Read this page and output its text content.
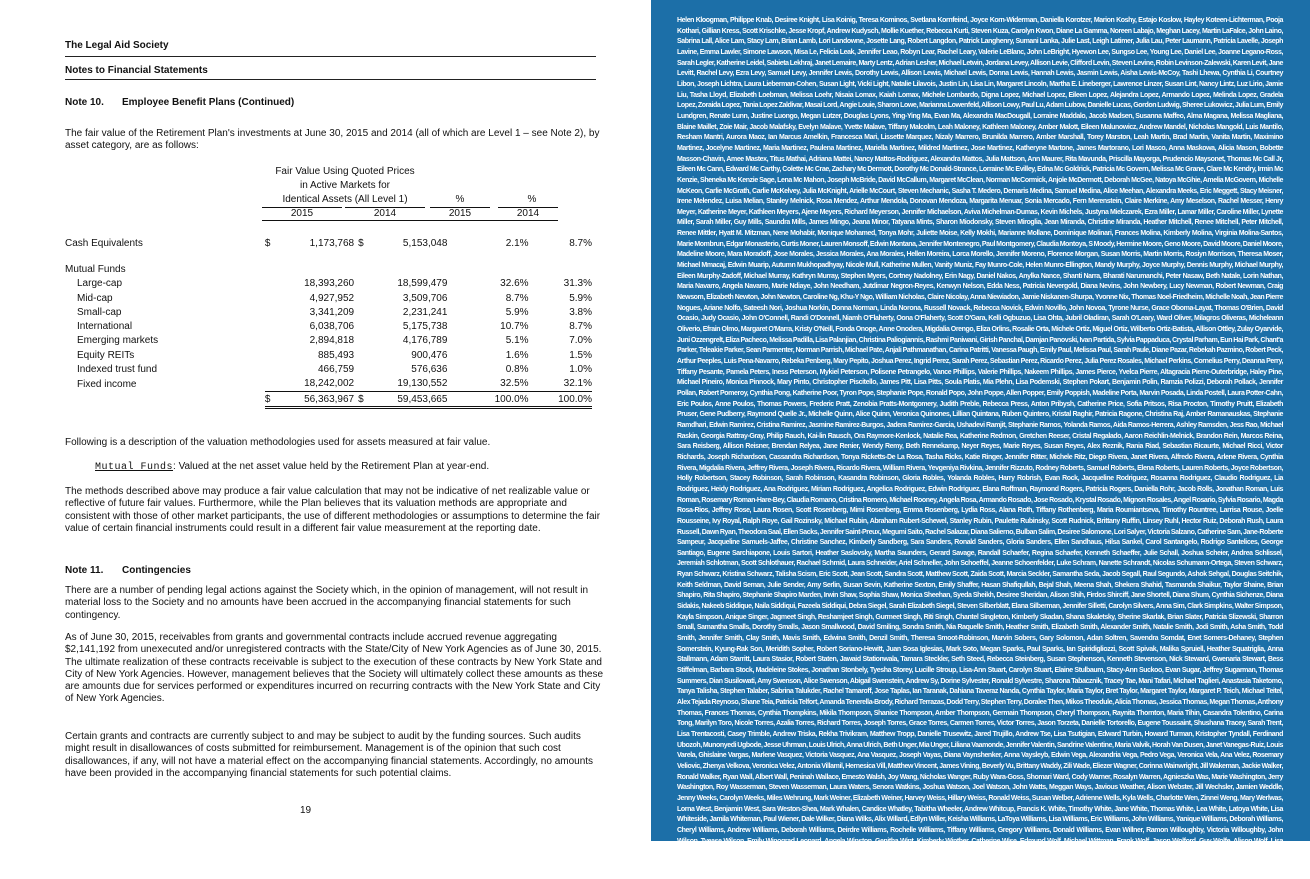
The Legal Aid Society
Notes to Financial Statements
Note 10. Employee Benefit Plans (Continued)
The fair value of the Retirement Plan's investments at June 30, 2015 and 2014 (all of which are Level 1 – see Note 2), by asset category, are as follows:
Fair Value Using Quoted Prices
in Active Markets for
Identical Assets (All Level 1)	%	%
2015	2014	2015	2014
Cash Equivalents	$	1,173,768	$	5,153,048	2.1%	8.7%

Mutual Funds						
Large-cap		18,393,260		18,599,479	32.6%	31.3%
Mid-cap		4,927,952		3,509,706	8.7%	5.9%
Small-cap		3,341,209		2,231,241	5.9%	3.8%
International		6,038,706		5,175,738	10.7%	8.7%
Emerging markets		2,894,818		4,176,789	5.1%	7.0%
Equity REITs		885,493		900,476	1.6%	1.5%
Indexed trust fund		466,759		576,636	0.8%	1.0%
Fixed income		18,242,002		19,130,552	32.5%	32.1%
	$	56,363,967	$	59,453,665	100.0%	100.0%
Following is a description of the valuation methodologies used for assets measured at fair value.
Mutual Funds: Valued at the net asset value held by the Retirement Plan at year-end.
The methods described above may produce a fair value calculation that may not be indicative of net realizable value or reflective of future fair values. Furthermore, while the Plan believes that its valuation methods are appropriate and consistent with those of other market participants, the use of different methodologies or assumptions to determine the fair value of certain financial instruments could result in a different fair value measurement at the reporting date.
Note 11. Contingencies
There are a number of pending legal actions against the Society which, in the opinion of management, will not result in material loss to the Society and no amounts have been accrued in the accompanying financial statements for such contingency.
As of June 30, 2015, receivables from grants and governmental contracts include accrued revenue aggregating $2,141,192 from unexecuted and/or unregistered contracts with the State/City of New York Agencies as of June 30, 2015. The ultimate realization of these contracts receivable is subject to the execution of these contracts by New York State and City of New York Agencies. However, management believes that the Society will ultimately collect these amounts as these are amounts due for services performed or expenditures incurred on recurring contracts with the New York State and City of New York Agencies.
Certain grants and contracts are currently subject to and may be subject to audit by the funding sources. Such audits might result in disallowances of costs submitted for reimbursement. Management is of the opinion that such cost disallowances, if any, will not have a material effect on the accompanying financial statements. Accordingly, no amounts have been provided in the accompanying financial statements for such potential claims.
19
Helen Kloogman, Philippe Knab, Desiree Knight, Lisa Koinig, Teresa Kominos, Svetlana Kornfeind, Joyce Korn-Widerman, Daniella Korotzer, Marion Koshy, Estajo Koslow, Hayley Koteen-Lichterman, Pooja Kothari, Gillian Kress, Scott Krischke, Jesse Kropf, Andrew Kudysch, Mollie Kuether, Rebecca Kurti, Steven Kuza, Carolyn Kwon, Diane La Gamma, Noreen Labajo, Meghan Lacey, Martin LaFalce, John Laino, Sabrina Lall, Alice Lam, Stacy Lam, Brian Lamb, Lori Landowne, Josette Lang, Robert Langdon, Patrick Langhenry, Sumani Lanka, Julie Last, Leigh Latimer, Julia Lau, Peter Laumann, Patricia Lavelle, Joseph Lavine, Emma Lawler, Simone Lawson, Misa Le, Felicia Leak, Jennifer Leao, Robyn Lear, Rachel Leary, Valerie LeBlanc, John LeBright, Hyewon Lee, Sungso Lee, Young Lee, Daniel Lee, Joanne Legano-Ross, Sarah Legler, Katherine Leidel, Sabieta Lekhraj, Janet Lemaire, Marty Lentz, Adrian Lesher, Michael Letwin, Jordana Levey, Allison Levie, Clifford Levin, Steven Levine, Robin Levinson-Zalewski, Karen Levit, Jane Levitt, Rachel Levy, Ezra Levy, Samuel Levy, Jennifer Lewis, Dorothy Lewis, Allison Lewis, Michael Lewis, Donna Lewis, Hannah Lewis, Jasmin Lewis, Aisha Lewis-McCoy, Tashi Lhewa, Cynthia Li, Courtney Libon, Joseph Lichtra, Laura Lieberman-Cohen, Susan Light, Vicki Light, Natalie Lilavois, Justin Lin, Lisa Lin, Margaret Lincoln, Martha E. Lineberger, Lawrence Linzer, Susan Lint, Nancy Lintz, Luz Lirio, Jamie Liu, Tasha Lloyd, Elizabeth Loebman, Melissa Loehr, Nisaia Lomax, Kaiah Lomax, Michele Lombardo, Digna Lopez, Michael Lopez, Eileen Lopez, Alejandra Lopez, Armando Lopez, Melinda Lopez, Gradela Lopez, Zoraida Lopez, Tania Lopez Zaldivar, Masai Lord, Angie Louie, Sharon Lowe, Marianna Lowenfeld, Allison Lowy, Paul Lu, Adam Lubow, Danielle Lucas, Gordon Ludwig, Sheree Lukowicz, Julia Lum, Emily Lundgren, Renate Lunn, Justine Luongo, Megan Lutzer, Douglas Lyons, Ying-Ying Ma, Evan Ma, Alexandra MacDougall, Lorraine Maddalo, Jacob Madsen, Susanna Maffeo, Alma Magana, Melissa Magliana, Blaine Maillet, Zoie Mair, Jacob Malafsky, Evelyn Malave, Yvette Malave, Tiffany Malcolm, Leah Maloney, Kathleen Maloney, Amber Malott, Eileen Malunowicz, Andrew Mandel, Nicholas Mangold, Luis Mantilo, Resham Mantri, Aurora Maoz, Ian Marcus Amelkin, Francesca Mari, Lissette Marquez, Nizaly Marrero, Brunilda Marrero, Amber Marshall, Torey Marston, Leah Martin, Brad Martin, Vanita Martin, Maximino Martinez, Jocelyne Martinez, Maria Martinez, Paulena Martinez, Mariella Martinez, Mildred Martinez, Jose Martinez, Katheryne Martone, James Martorano, Lori Masco, Anna Maskowa, Alicia Mason, Bobette Masson-Chavin, Amee Mastex, Titus Mathai, Adriana Mattei, Nancy Mattos-Rodriguez, Alexandra Mattos, Julia Mattson, Ann Maurer, Rita Mavunda, Priscilla Mayorga, Prudencio Maysonet, Thomas Mc Call Jr, Eileen Mc Cann, Edward Mc Carthy, Colette Mc Crae, Zachary Mc Dermott, Dorothy Mc Donald-Strance, Lorraine Mc Evilley, Edna Mc Goldrick, Patricia Mc Govern, Melissa Mc Grane, Clare Mc Kendry, Irmin Mc Kenzie, Sheneka Mc Kenzie Sage, Lena Mc Mahon, Joseph McBride, David McCallum, Margaret McClean, Norman McCormick, Anjole McDermott, Deborah McGee, Natoya McGhie, Amelia McGovern, Michelle McKeon, Carlie McGrath, Carlie McKelvey, Julia McKnight, Arielle McCourt, Steven Mechanic, Sasha T. Medero, Demaris Medina, Samuel Medina, Alice Meehan, Alexandra Meeks, Eric Meggett, Stacy Meisner, Irene Melendez, Luisa Melian, Stanley Melnick, Rosa Mendez, Arthur Mendola, Donovan Mendoza, Margarita Menuar, Sonia Mercado, Fern Merenstein, Claire Merkine, Amy Meselson, Rachel Messer, Henry Meyer, Katherine Meyer, Kathleen Meyers, Ajene Meyers, Richard Meyerson, Jennifer Michaelson, Aviva Michelman-Dumas, Kevin Michels, Justyna Mielczarek, Ezra Miller, Lamar Miller, Caroline Miller, Lynette Miller, Sarah Miller, Guy Mills, Saundra Mills, James Mingo, Jeana Minor, Tatyana Mints, Sharon Miodonsky, Steven Miroglia, Jean Miranda, Christine Miranda, Heather Mitchell, Renee Mitchell, Peter Mitchell, Renee Mittler, Hyatt M. Mitzman, Nene Mohabir, Monique Mohamed, Tonya Mohr, Juliette Moise, Kelly Mokhi, Marianne Mollane, Dominique Molinari, Frances Molina, Kimberly Molina, Virginia Molina-Santos, Marie Mombrun, Edgar Monasterio, Curtis Moner, Lauren Monsoff, Edwin Montana, Jennifer Montenegro, Paul Montgomery, Claudia Montoya, S Moody, Hermine Moore, Geno Moore, David Moore, Daniel Moore, Madeline Moore, Mara Moradoff, Jose Morales, Jessica Morales, Ana Morales, Hellen Moreira, Lorca Morello, Jennifer Moreno, Florence Morgan, Susan Morris, Martin Morris, Rosiyn Morrison, Theresa Moser, Michael Mmacaj, Edwin Muarip, Autumn Mukhopadhyay, Nicole Mull, Katherine Mullen, Vanity Muniz, Fay Munro-Cole, Helen Munro-Ellington, Mandy Murphy, Joyce Murphy, Dennis Murphy, Michael Murphy, Eileen Murphy-Zadoff, Michael Murray, Kathryn Murray, Stephen Myers, Cortney Nadolney, Erin Nagy, Daniel Nakos, Anylka Nance, Shanti Narra, Bharati Narumanchi, Peter Nasaw, Beth Natale, Lorin Nathan, Maria Navarro, Angela Navarro, Marie Ndiaye, John Needham, Jutdimar Negron-Reyes, Kenwyn Nelson, Edda Ness, Patricia Nevergold, Diana Nevins, John Newbery, Lucy Newman, Robert Newman, Craig Newsom, Elizabeth Newton, John Newton, Caroline Ng, Khu-Y Ngo, William Nicholas, Claire Nicolay, Anna Niewiadon, Jamie Niskanen-Shurpa, Yvonne Nix, Thomas Noel-Friedheim, Michelle Noah, Jean Pierre Nogues, Ariane Nolfo, Sateesh Nori, Joshua Norkin, Donna Norman, Linda Norona, Russell Novack, Rebecca Novick, Edwin Novillo, John Novoa, Tyrone Nurse, Grace Oboma-Layat, Thomas O'Brien, David Ocasio, Judy Ocasio, John O'Connell, Randi O'Donnell, Niamh O'Flaherty, Oona O'Flaherty, Scott O'Gara, Kelli Ogbuzuo, Lisa Ohta, Jubril Oladiran, Sarah O'Leary, Ward Oliver, Milagros Oliveras, Micheleann Oliverio, Efrain Olmo, Margaret O'Marra, Kristy O'Neill, Fonda Onoge, Anne Onodera, Migdalia Orengo, Eliza Orlins, Rosalie Orta, Michele Ortiz, Miguel Ortiz, Wilberto Ortiz-Batista, Allison Ottley, Zulay Oyarvide, Juni Ozzengrelt, Eliza Pacheco, Melissa Padilla, Lisa Palanjian, Christina Paliogiannis, Rashmi Paniwani, Girish Panchal, Damjan Panovski, Ivan Partida, Sylvia Pappaduca, Crystal Parham, Eun Hai Park, Chant'a Parker, Teleakie Parker, Sean Parmenter, Norman Parrish, Michael Pate, Anjali Pathmanathan, Carina Patritti, Vanessa Paugh, Emily Paul, Melissa Paul, Sarah Paule, Diane Pazar, Rebekah Pazmino, Robert Peck, Arthur Peeples, Luis Pena-Navarro, Rebeka Penberg, Mary Pepito, Joshua Perez, Ingrid Perez, Sarah Perez, Sebastian Perez, Ricardo Perez, Julia Perez Rosales, Michael Perkins, Cornelius Perry, Deanna Perry, Tiffany Pesante, Pamela Peters, Iness Peterson, Mykiel Peterson, Polisene Petrangelo, Vance Phillips, Valerie Phillips, Nakeem Phillips, James Pierce, Yvelca Pierre, Altagracia Pierre-Outerbridge, Haley Pine, Michael Pineiro, Monica Pinnock, Mary Pinto, Christopher Piscitello, James Pitt, Lisa Pitts, Soula Platis, Mia Plehn, Lisa Podemski, Stephen Pokart, Benjamin Polin, Ramzia Polizzi, Deborah Pollack, Jennifer Pollan, Robert Pomeroy, Cynthia Pong, Katherine Poor, Tyron Pope, Stephanie Pope, Ronald Popo, John Poppe, Allen Popper, Emily Poppish, Madeline Porta, Marvin Posada, Linda Postell, Laura Potter-Cahn, Eric Poulos, Anne Poulos, Thomas Powers, Frederic Pratt, Zenobia Pratts-Montgomery, Judith Preble, Rebecca Press, Anton Pribysh, Catherine Price, Sofia Pritsos, Risa Procton, Timothy Pruitt, Elizabeth Pruser, Gene Pudberry, Raymond Quelle Jr., Michelle Quinn, Alice Quinn, Veronica Quinones, Lillian Quintana, Ruben Quintero, Kristal Raghir, Patricia Ragone, Christina Raj, Amber Ramanauskas, Stephanie Ramdhari, Edwin Ramirez, Cristina Ramirez, Jasmine Ramirez-Burgos, Jadera Ramirez-Garcia, Ushadevi Ramjit, Stephanie Ramos, Yolanda Ramos, Aida Ramos-Herrera, Ashley Ramsden, Jess Rao, Michael Raskin, Georgia Rattray-Gray, Philip Rauch, Kai-lin Rausch, Ora Raymore-Kenlock, Natalie Rea, Katherine Redmon, Gretchen Reeser, Cristal Regalado, Aaron Reichlin-Melnick, Brandon Rein, Marcos Reina, Sara Reisberg, Allison Reisner, Brendan Relyea, Jane Renier, Wendy Remy, Beth Rennekamp, Neyer Reyes, Marie Reyes, Susan Reyes, Alex Reznik, Rania Riad, Sebastian Ricaurte, Michael Ricci, Victor Richards, Joseph Richardson, Cassandra Richardson, Tonya Ricketts-De La Rosa, Tasha Ricks, Katie Ringer, Jennifer Ritter, Michele Ritz, Diego Rivera, Janet Rivera, Alfredo Rivera, Arlene Rivera, Cynthia Rivera, Migdalia Rivera, Jeffrey Rivera, Joseph Rivera, Ricardo Rivera, William Rivera, Yevgeniya Rivkina, Jennifer Rizzuto, Rodney Roberts, Samuel Roberts, Elena Roberts, Lauren Roberts, Joyce Robertson, Holly Robertson, Stacey Robinson, Sarah Robinson, Kasandra Robinson, Gloria Robles, Yolanda Robles, Harry Robrish, Evan Rock, Jacqueline Rodriguez, Rosanna Rodriguez, Claudio Rodriguez, Lia Rodriguez, Heidy Rodriguez, Ana Rodriguez, Miriam Rodriguez, Angelica Rodriguez, Edwin Rodriguez, Elana Roffman, Raymond Rogers, Patricia Rogers, Daniella Rohr, Jacob Rolls, Jonathan Roman, Luis Roman, Rosemary Roman-Hare-Bey, Claudia Romano, Cristina Romero, Michael Rooney, Angela Rosa, Armando Rosado, Jose Rosado, Krystal Rosado, Mignon Rosales, Angel Rosario, Sylvia Rosario, Magda Rosa-Rios, Jeffrey Rose, Laura Rosen, Scott Rosenberg, Mimi Rosenberg, Emma Rosenberg, Lydia Ross, Alana Roth, Tiffany Rothenberg, Maria Roumiantseva, Timothy Rountree, Larrisa Rouse, Joelle Rousseine, Ivy Royal, Ralph Roye, Gail Rozinsky, Michael Rubin, Abraham Rubert-Schewel, Stanley Rubin, Paulette Rubinsky, Scott Rudnick, Brittany Ruffin, Linsey Ruhl, Hector Ruiz, Deborah Rush, Laura Russell, Dawn Ryan, Theodora Saal, Ellen Sacks, Jennifer Saint-Preux, Megumi Saito, Rachel Salazar, Diana Salierno, Bulban Salim, Desiree Salomone, Lori Salyer, Victoria Salzano, Catherine Sam, Jane-Roberte Sampeur, Jacqueline Samuels-Jaffee, Christine Sanchez, Kimberly Sandberg, Sara Sanders, Ronald Sanders, Gloria Sanders, Ellen Sandhaus, Hilsa Sankel, Carol Santangelo, Rodrigo Santelices, George Santiago, Eugene Sarchiapone, Louis Sartori, Heather Saslovsky, Martha Saunders, Gerard Savage, Randall Schaefer, Regina Schaefer, Kenneth Schaeffer, Julie Schall, Joshua Scheier, Andrea Schlissel, Jeremiah Schlotman, Scott Schlothauer, Rachael Schmid, Laura Schneider, Ariel Schneller, John Schoeffel, Jeanne Schoenfelder, Luke Schram, Nanette Schrandt, Nicolas Schumann-Ortega, Steven Schwarz, Ryan Schwarz, Kristina Schwarz, Talisha Scism, Eric Scott, Jean Scott, Sandra Scott, Matthew Scott, Zaida Scott, Marcia Seckler, Samantha Seda, Jacob Segall, Raul Segundo, Ashok Sehgal, Douglas Seitchik, Keith Seldman, David Seman, Julie Sender, Amy Serlin, Susan Sevin, Katherine Sexton, Emily Shaffer, Hasan Shafiqullah, Bejal Shah, Meena Shah, Shekera Shahid, Tasmanda Shaikur, Taylor Shaine, Brian Shapiro, Rita Shapiro, Stephanie Shapiro Marden, Irwin Shaw, Sophia Shaw, Monica Sheehan, Syeda Sheikh, Desiree Sheridan, Alison Shih, Firdos Shirciff, Jane Shortell, Diana Shum, Cynthia Sichenze, Diana Sidakis, Nakeeb Siddique, Naila Siddiqui, Fazeela Siddiqui, Debra Siegel, Sarah Elizabeth Siegel, Steven Silberblatt, Elana Silberman, Jennifer Silletti, Carolyn Silvers, Anna Sim, Clark Simpkins, Walter Simpson, Kayla Simpson, Anique Singer, Jagmeet Singh, Reshamjeet Singh, Gurmeet Singh, Riti Singh, Chantel Singleton, Kimberly Skadan, Shana Skaletsky, Sherine Skarlak, Brian Slater, Patricia Slizewski, Sharron Small, Samantha Smalls, Dorothy Smalls, Jason Smallwood, David Smiling, Sondra Smith, Nia Raquelle Smith, Heather Smith, Elizabeth Smith, Alexander Smith, Natalie Smith, Jodi Smith, Asha Smith, Todd Smith, Jennifer Smith, Clay Smith, Mavis Smith, Edwina Smith, Denzil Smith, Theresa Smoot-Robinson, Marvin Sobers, Gary Solomon, Adan Soltren, Savendra Somdat, Enet Somers-Dehaney, Stephen Somerstein, Kyung-Rak Son, Meridith Sopher, Robert Soriano-Hewitt, Juan Sosa Iglesias, Mark Soto, Megan Sparks, Paul Sparks, Ian Spiridigliozzi, Scott Spivak, Malika Spruiell, Heather Squatriglia, Anna Stallmann, Adam Starritt, Laura Stasior, Robert Staten, Jawaid Stationwala, Tamara Steckler, Seth Steed, Rebecca Steinberg, Susan Stephenson, Kenneth Stevenson, Nick Steward, Gwenaria Stewart, Bess Stiffelman, Barbara Stock, Madeleine Stokes, Jonathan Stonbely, Tyesha Storey, Lucille Stroup, Lisa-Ann Stuart, Carolyn Stuart, Elaine Stulbaum, Stacy-Ann Suckoo, Evan Sugar, Jeffrey Sugarman, Thomas Summers, Dian Susilowati, Amy Swenson, Alice Swenson, Abigail Swenstein, Andrew Sy, Dorine Sylvester, Ronald Sylvestre, Sharona Tabacznik, Tracey Tae, Mani Tafari, Michael Taglieri, Anastasia Taketomo, Tanya Talisha, Stephen Talaber, Sabrina Talukder, Rachel Tamaroff, Jose Taplas, Ian Taranak, Dahiana Taveraz Nanda, Cynthia Taylor, Maria Taylor, Bret Taylor, Margaret Taylor, Margaret P. Teich, Michael Teitel, Alex Tejada Reynoso, Shane Teia, Patricia Telfort, Amanda Tenerella-Brody, Richard Terrazas, Dodd Terry, Stephen Terry, Doralee Then, Mikos Theodule, Alicia Thomas, Jessica Thomas, Megan Thomas, Anthony Thomas, Frances Thomas, Cynthia Thompkins, Mikila Thompson, Shanice Thompson, Amber Thompson, Germain Thompson, Cheryl Thompson, Raynita Thornton, Maria Tihin, Casandra Tolentino, Carina Tong, Marilyn Toro, Nicole Torres, Azalia Torres, Richard Torres, Joseph Torres, Grace Torres, Carmen Torres, Victor Torres, Jason Torzeta, Danielle Tortorello, Eugene Toussaint, Shushana Tracey, Sarah Trent, Lisa Trentacosti, Casey Trimble, Andrew Triska, Rekha Trivikram, Matthew Tropp, Danielle Trusewitz, Jared Trujillo, Andrew Tse, Lisa Tsutigian, Edward Turbin, Howard Turman, Kristopher Tyndall, Ferdinand Ubozoh, Munonyedi Ugbode, Jesse Uhrman, Louis Ulrich, Anna Ulrich, Beth Unger, Mia Unger, Liliana Vaamonde, Jennifer Valentin, Sandrine Valentine, Maria Valvik, Horah Van Dusen, Janet Vanegas-Ruiz, Louis Varela, Ghislaine Vargas, Marlene Vasquez, Victoria Vasquez, Ana Vasquez, Joseph Vayas, Diana Vaynshenker, Anna Vaysleyb, Edwin Vega, Alexandria Vega, Pedro Vega, Veronica Vela, Ana Velez, Rosemary Veliovic, Zhenya Velkova, Veronica Velez, Antonia Villamil, Hernesica Vill, Matthew Vincent, James Vining, Beverly Vu, Brittany Waddy, Zili Wade, Eliezer Wagner, Corinna Wainwright, Jill Wakeman, Jackie Walker, Ronald Walker, Ryan Wall, Albert Wall, Peninah Wallace, Ernesto Walsh, Joy Wang, Nicholas Wanger, Ruby Wara-Goss, Shomari Ward, Cody Warner, Rosalyn Warren, Agnieszka Was, Marie Washington, Jerry Washington, Roy Wasserman, Steven Wasserman, Laura Waters, Senora Watkins, Joshua Watson, Joel Watson, John Watts, Meggan Ways, Javious Weather, Alison Webster, Jill Wechsler, Jamien Weddle, Jenny Weeks, Carolyn Weeks, Miles Wehrung, Mark Weiner, Elizabeth Weiner, Harvey Weiss, Hillary Weiss, Ronald Weiss, Susan Welber, Adrienne Wells, Kyla Wells, Charlotte Wen, Zinnei Weng, Mary Werlwas, Lorna West, Benjamin West, Sara Weston-Shea, Mark Whalen, Candice Whatley, Tabitha Wheeler, Andrew Whitcup, Francis K. White, Timothy White, Jane White, Thomas White, Lea White, Latoya White, Lisa Whiteside, Jamila Whiteman, Paul Wiener, Dale Wilker, Diana Wilks, Alix Willard, Edlyn Willer, Keisha Williams, LaToya Williams, Lisa Williams, Eric Williams, John Williams, Yanique Williams, Deborah Williams, Cheryl Williams, Andrew Williams, Deborah Williams, Deirdre Williams, Rochelle Williams, Tiffany Williams, Gregory Williams, Donald Williams, Evan Willner, Ramon Willoughby, Victoria Willoughby, John Wilson, Tyease Wilson, Emily Winograd Leonard, Angela Winston, Genitha Wint, Kimberly Winther, Catherine Wise, Edmund Wolf, Michael Wittman, Frank Wolf, Jason Wolford, Guy Wolfe, Alison Wolf, Lisa Wolfe, Wolfson, Ermuel Woltz, Sherry Wong, Chris Wong, Cynthia Wolpert, Jennwine Wong, Reda Woodcock, Makeysha Woodman, William Woods, Latoya Woods, Susan Woodward, Emma Wright, Deborah Wright, Kahliah Wright, John Wroblewski, Jin Wu, Jason Wu, Catherianne Wyly, Boris Yankovich, Karen Yazmajian, Erin Yoeli, Chris Yong, Sarah Young, Michelle Younger, Rachel Younger, Susan Yousefi, William Yukstas, Amanda Zane, Azadeh Zarrabi, Mary Zaslofsky, Nicole Zayas, Milton Zelermyer, Andrei Zlabkin, Marnie Zien
